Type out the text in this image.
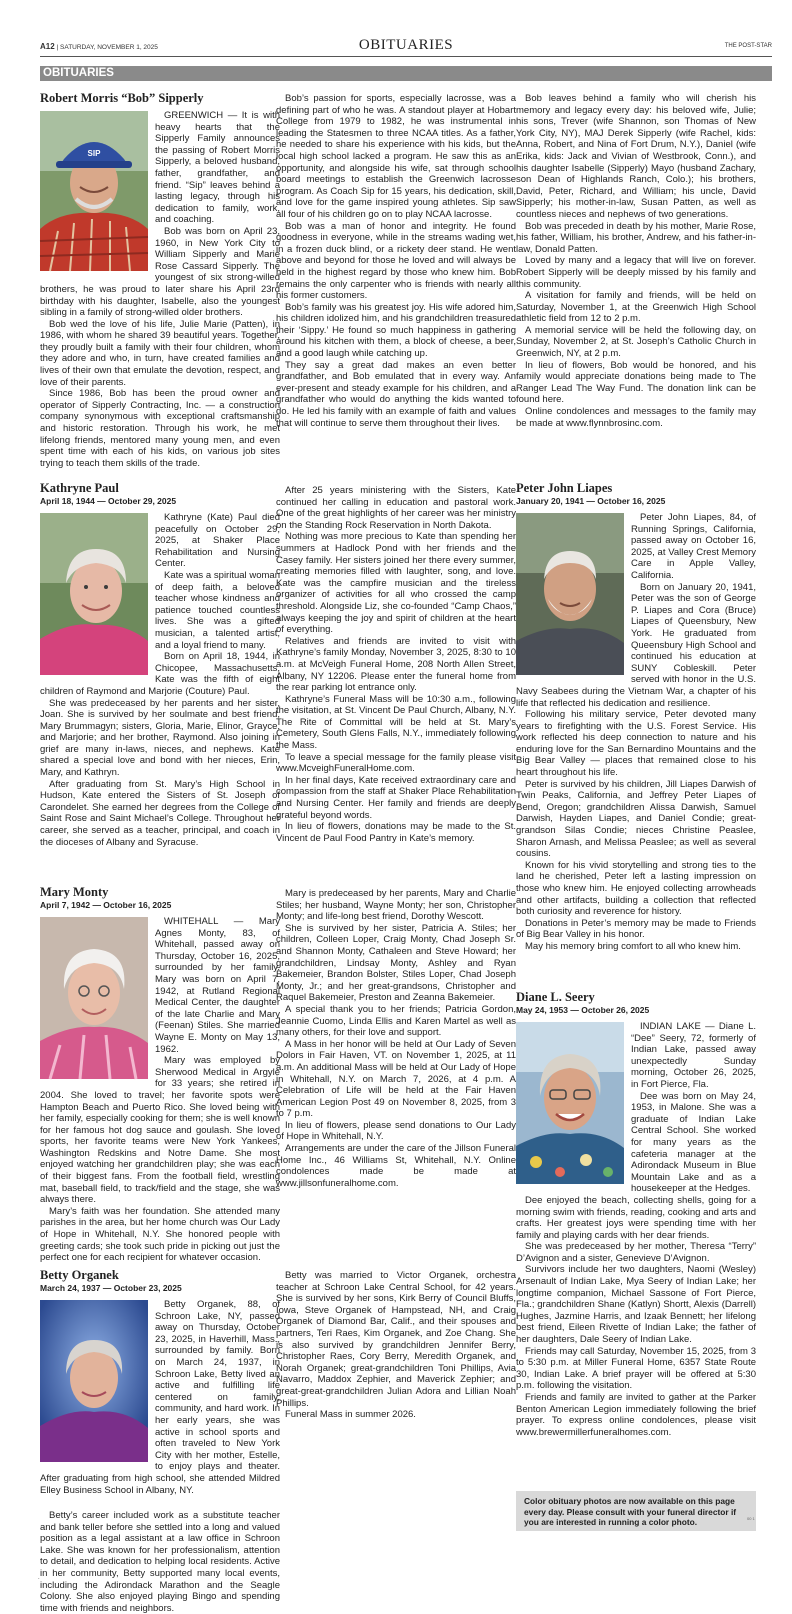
A12 | SATURDAY, NOVEMBER 1, 2025	OBITUARIES	THE POST-STAR
OBITUARIES
Robert Morris “Bob” Sipperly
SIP

GREENWICH — It is with heavy hearts that the Sipperly Family announces the passing of Robert Morris Sipperly, a beloved husband, father, grandfather, and friend. “Sip” leaves behind a lasting legacy, through his dedication to family, work, and coaching.

Bob was born on April 23, 1960, in New York City to William Sipperly and Marie Rose Cassard Sipperly. The youngest of six strong-willed brothers, he was proud to later share his April 23rd birthday with his daughter, Isabelle, also the youngest sibling in a family of strong-willed older brothers.

Bob wed the love of his life, Julie Marie (Patten), in 1986, with whom he shared 39 beautiful years. Together, they proudly built a family with their four children, whom they adore and who, in turn, have created families and lives of their own that emulate the devotion, respect, and love of their parents.

Since 1986, Bob has been the proud owner and operator of Sipperly Contracting, Inc. — a construction company synonymous with exceptional craftsmanship and historic restoration. Through his work, he met lifelong friends, mentored many young men, and even spent time with each of his kids, on various job sites trying to teach them skills of the trade.

Bob’s passion for sports, especially lacrosse, was a defining part of who he was. A standout player at Hobart College from 1979 to 1982, he was instrumental in leading the Statesmen to three NCAA titles. As a father, he needed to share his experience with his kids, but the local high school lacked a program. He saw this as an opportunity, and alongside his wife, sat through school board meetings to establish the Greenwich lacrosse program. As Coach Sip for 15 years, his dedication, skill, and love for the game inspired young athletes. Sip saw all four of his children go on to play NCAA lacrosse.

Bob was a man of honor and integrity. He found goodness in everyone, while in the streams wading wet, in a frozen duck blind, or a rickety deer stand. He went above and beyond for those he loved and will always be held in the highest regard by those who knew him. Bob remains the only carpenter who is friends with nearly all his former customers.

Bob’s family was his greatest joy. His wife adored him, his children idolized him, and his grandchildren treasured their ‘Sippy.’ He found so much happiness in gathering around his kitchen with them, a block of cheese, a beer, and a good laugh while catching up.

They say a great dad makes an even better grandfather, and Bob emulated that in every way. An ever-present and steady example for his children, and a grandfather who would do anything the kids wanted to do. He led his family with an example of faith and values that will continue to serve them throughout their lives.

Bob leaves behind a family who will cherish his memory and legacy every day: his beloved wife, Julie; his sons, Trever (wife Shannon, son Thomas of New York City, NY), MAJ Derek Sipperly (wife Rachel, kids: Anna, Robert, and Nina of Fort Drum, N.Y.), Daniel (wife Erika, kids: Jack and Vivian of Westbrook, Conn.), and his daughter Isabelle (Sipperly) Mayo (husband Zachary, son Dean of Highlands Ranch, Colo.); his brothers, David, Peter, Richard, and William; his uncle, David Sipperly; his mother-in-law, Susan Patten, as well as countless nieces and nephews of two generations.

Bob was preceded in death by his mother, Marie Rose, his father, William, his brother, Andrew, and his father-in-law, Donald Patten.

Loved by many and a legacy that will live on forever. Robert Sipperly will be deeply missed by his family and this community.

A visitation for family and friends, will be held on Saturday, November 1, at the Greenwich High School athletic field from 12 to 2 p.m.

A memorial service will be held the following day, on Sunday, November 2, at St. Joseph’s Catholic Church in Greenwich, NY, at 2 p.m.

In lieu of flowers, Bob would be honored, and his family would appreciate donations being made to The Ranger Lead The Way Fund. The donation link can be found here.

Online condolences and messages to the family may be made at www.flynnbrosinc.com.

Kathryne Paul
April 18, 1944 — October 29, 2025

Kathryne (Kate) Paul died peacefully on October 29, 2025, at Shaker Place Rehabilitation and Nursing Center.

Kate was a spiritual woman of deep faith, a beloved teacher whose kindness and patience touched countless lives. She was a gifted musician, a talented artist, and a loyal friend to many.

Born on April 18, 1944, in Chicopee, Massachusetts, Kate was the fifth of eight children of Raymond and Marjorie (Couture) Paul.

She was predeceased by her parents and her sister, Joan. She is survived by her soulmate and best friend, Mary Brummagyn; sisters, Gloria, Marie, Elinor, Grayce, and Marjorie; and her brother, Raymond. Also joining in grief are many in-laws, nieces, and nephews. Kate shared a special love and bond with her nieces, Erin, Mary, and Kathryn.

After graduating from St. Mary’s High School in Hudson, Kate entered the Sisters of St. Joseph of Carondelet. She earned her degrees from the College of Saint Rose and Saint Michael’s College. Throughout her career, she served as a teacher, principal, and coach in the dioceses of Albany and Syracuse.

After 25 years ministering with the Sisters, Kate continued her calling in education and pastoral work. One of the great highlights of her career was her ministry on the Standing Rock Reservation in North Dakota.

Nothing was more precious to Kate than spending her summers at Hadlock Pond with her friends and the Casey family. Her sisters joined her there every summer, creating memories filled with laughter, song, and love. Kate was the campfire musician and the tireless organizer of activities for all who crossed the camp threshold. Alongside Liz, she co-founded “Camp Chaos,” always keeping the joy and spirit of children at the heart of everything.

Relatives and friends are invited to visit with Kathryne’s family Monday, November 3, 2025, 8:30 to 10 a.m. at McVeigh Funeral Home, 208 North Allen Street, Albany, NY 12206. Please enter the funeral home from the rear parking lot entrance only.

Kathryne’s Funeral Mass will be 10:30 a.m., following the visitation, at St. Vincent De Paul Church, Albany, N.Y. The Rite of Committal will be held at St. Mary’s Cemetery, South Glens Falls, N.Y., immediately following the Mass.

To leave a special message for the family please visit www.McveighFuneralHome.com.

In her final days, Kate received extraordinary care and compassion from the staff at Shaker Place Rehabilitation and Nursing Center. Her family and friends are deeply grateful beyond words.

In lieu of flowers, donations may be made to the St. Vincent de Paul Food Pantry in Kate’s memory.

Peter John Liapes
January 20, 1941 — October 16, 2025

Peter John Liapes, 84, of Running Springs, California, passed away on October 16, 2025, at Valley Crest Memory Care in Apple Valley, California.

Born on January 20, 1941, Peter was the son of George P. Liapes and Cora (Bruce) Liapes of Queensbury, New York. He graduated from Queensbury High School and continued his education at SUNY Cobleskill. Peter served with honor in the U.S. Navy Seabees during the Vietnam War, a chapter of his life that reflected his dedication and resilience.

Following his military service, Peter devoted many years to firefighting with the U.S. Forest Service. His work reflected his deep connection to nature and his enduring love for the San Bernardino Mountains and the Big Bear Valley — places that remained close to his heart throughout his life.

Peter is survived by his children, Jill Liapes Darwish of Twin Peaks, California, and Jeffrey Peter Liapes of Bend, Oregon; grandchildren Alissa Darwish, Samuel Darwish, Hayden Liapes, and Daniel Condie; great-grandson Silas Condie; nieces Christine Peaslee, Sharon Arnash, and Melissa Peaslee; as well as several cousins.

Known for his vivid storytelling and strong ties to the land he cherished, Peter left a lasting impression on those who knew him. He enjoyed collecting arrowheads and other artifacts, building a collection that reflected both curiosity and reverence for history.

Donations in Peter’s memory may be made to Friends of Big Bear Valley in his honor.

May his memory bring comfort to all who knew him.

Mary Monty
April 7, 1942 — October 16, 2025

WHITEHALL — Mary Agnes Monty, 83, of Whitehall, passed away on Thursday, October 16, 2025, surrounded by her family. Mary was born on April 7, 1942, at Rutland Regional Medical Center, the daughter of the late Charlie and Mary (Feenan) Stiles. She married Wayne E. Monty on May 13, 1962.

Mary was employed by Sherwood Medical in Argyle for 33 years; she retired in 2004. She loved to travel; her favorite spots were Hampton Beach and Puerto Rico. She loved being with her family, especially cooking for them; she is well known for her famous hot dog sauce and goulash. She loved sports, her favorite teams were New York Yankees, Washington Redskins and Notre Dame. She most enjoyed watching her grandchildren play; she was each of their biggest fans. From the football field, wrestling mat, baseball field, to track/field and the stage, she was always there.

Mary’s faith was her foundation. She attended many parishes in the area, but her home church was Our Lady of Hope in Whitehall, N.Y. She honored people with greeting cards; she took such pride in picking out just the perfect one for each recipient for whatever occasion.

Mary is predeceased by her parents, Mary and Charlie Stiles; her husband, Wayne Monty; her son, Christopher Monty; and life-long best friend, Dorothy Wescott.

She is survived by her sister, Patricia A. Stiles; her children, Colleen Loper, Craig Monty, Chad Joseph Sr. and Shannon Monty, Cathaleen and Steve Howard; her grandchildren, Lindsay Monty, Ashley and Ryan Bakemeier, Brandon Bolster, Stiles Loper, Chad Joseph Monty, Jr.; and her great-grandsons, Christopher and Raquel Bakemeier, Preston and Zeanna Bakemeier.

A special thank you to her friends; Patricia Gordon, Jeannie Cuomo, Linda Ellis and Karen Martel as well as many others, for their love and support.

A Mass in her honor will be held at Our Lady of Seven Dolors in Fair Haven, VT. on November 1, 2025, at 11 a.m. An additional Mass will be held at Our Lady of Hope in Whitehall, N.Y. on March 7, 2026, at 4 p.m. A Celebration of Life will be held at the Fair Haven American Legion Post 49 on November 8, 2025, from 3 to 7 p.m.

In lieu of flowers, please send donations to Our Lady of Hope in Whitehall, N.Y.

Arrangements are under the care of the Jillson Funeral Home Inc., 46 Williams St, Whitehall, N.Y. Online condolences made be made at www.jillsonfuneralhome.com.

Diane L. Seery
May 24, 1953 — October 26, 2025

INDIAN LAKE — Diane L. “Dee” Seery, 72, formerly of Indian Lake, passed away unexpectedly Sunday morning, October 26, 2025, in Fort Pierce, Fla.

Dee was born on May 24, 1953, in Malone. She was a graduate of Indian Lake Central School. She worked for many years as the cafeteria manager at the Adirondack Museum in Blue Mountain Lake and as a housekeeper at the Hedges.

Dee enjoyed the beach, collecting shells, going for a morning swim with friends, reading, cooking and arts and crafts. Her greatest joys were spending time with her family and playing cards with her dear friends.

She was predeceased by her mother, Theresa “Terry” D’Avignon and a sister, Genevieve D’Avignon.

Survivors include her two daughters, Naomi (Wesley) Arsenault of Indian Lake, Mya Seery of Indian Lake; her longtime companion, Michael Sassone of Fort Pierce, Fla.; grandchildren Shane (Katlyn) Shortt, Alexis (Darrell) Hughes, Jazmine Harris, and Izaak Bennett; her lifelong best friend, Eileen Rivette of Indian Lake; the father of her daughters, Dale Seery of Indian Lake.

Friends may call Saturday, November 15, 2025, from 3 to 5:30 p.m. at Miller Funeral Home, 6357 State Route 30, Indian Lake. A brief prayer will be offered at 5:30 p.m. following the visitation.

Friends and family are invited to gather at the Parker Benton American Legion immediately following the brief prayer. To express online condolences, please visit www.brewermillerfuneralhomes.com.

Betty Organek
March 24, 1937 — October 23, 2025

Betty Organek, 88, of Schroon Lake, NY, passed away on Thursday, October 23, 2025, in Haverhill, Mass., surrounded by family. Born on March 24, 1937, in Schroon Lake, Betty lived an active and fulfilling life centered on family, community, and hard work. In her early years, she was active in school sports and often traveled to New York City with her mother, Estelle, to enjoy plays and theater. After graduating from high school, she attended Mildred Elley Business School in Albany, NY.

Betty’s career included work as a substitute teacher and bank teller before she settled into a long and valued position as a legal assistant at a law office in Schroon Lake. She was known for her professionalism, attention to detail, and dedication to helping local residents. Active in her community, Betty supported many local events, including the Adirondack Marathon and the Seagle Colony. She also enjoyed playing Bingo and spending time with friends and neighbors.

Betty was married to Victor Organek, orchestra teacher at Schroon Lake Central School, for 42 years. She is survived by her sons, Kirk Berry of Council Bluffs, Iowa, Steve Organek of Hampstead, NH, and Craig Organek of Diamond Bar, Calif., and their spouses and partners, Teri Raes, Kim Organek, and Zoe Chang. She is also survived by grandchildren Jennifer Berry, Christopher Raes, Cory Berry, Meredith Organek, and Norah Organek; great-grandchildren Toni Phillips, Avia Navarro, Maddox Zephier, and Maverick Zephier; and great-great-grandchildren Julian Adora and Lillian Noah Phillips.

Funeral Mass in summer 2026.

Color obituary photos are now available on this page every day. Please consult with your funeral director if you are interested in running a color photo.	00 1
.
